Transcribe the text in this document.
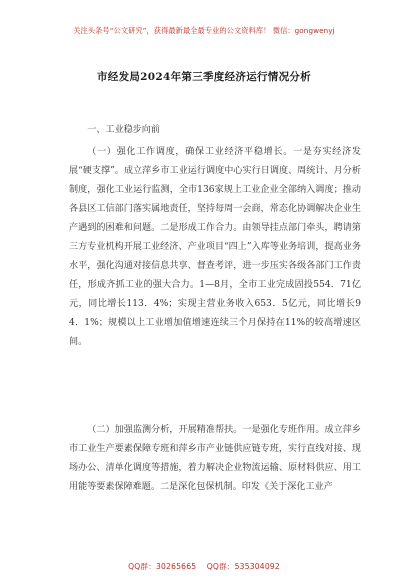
关注头条号“公文研究”，获得最新最全最专业的公文资料库！ 微信：gongwenyj
市经发局2024年第三季度经济运行情况分析
一、工业稳步向前

（一）强化工作调度，确保工业经济平稳增长。一是夯实经济发展“硬支撑”。成立萍乡市工业运行调度中心实行日调度、周统计、月分析制度，强化工业运行监测，全市136家规上工业企业全部纳入调度；推动各县区工信部门落实属地责任，坚持每周一会商，常态化协调解决企业生产遇到的困难和问题。二是形成工作合力。由领导挂点部门牵头，聘请第三方专业机构开展工业经济、产业项目“四上”入库等业务培训，提高业务水平，强化沟通对接信息共享、督查考评，进一步压实各级各部门工作责任，形成齐抓工业的强大合力。1—8月，全市工业完成固投554．71亿元，同比增长113．4%；实现主营业务收入653．5亿元，同比增长94．1%；规模以上工业增加值增速连续三个月保持在11%的较高增速区间。

（二）加强监测分析，开展精准帮扶。一是强化专班作用。成立萍乡市工业生产要素保障专班和萍乡市产业链供应链专班，实行直线对接、现场办公、清单化调度等措施，着力解决企业物流运输、原材料供应、用工用能等要素保障难题。二是深化包保机制。印发《关于深化工业产

QQ群：30265665    QQ群：535304092
